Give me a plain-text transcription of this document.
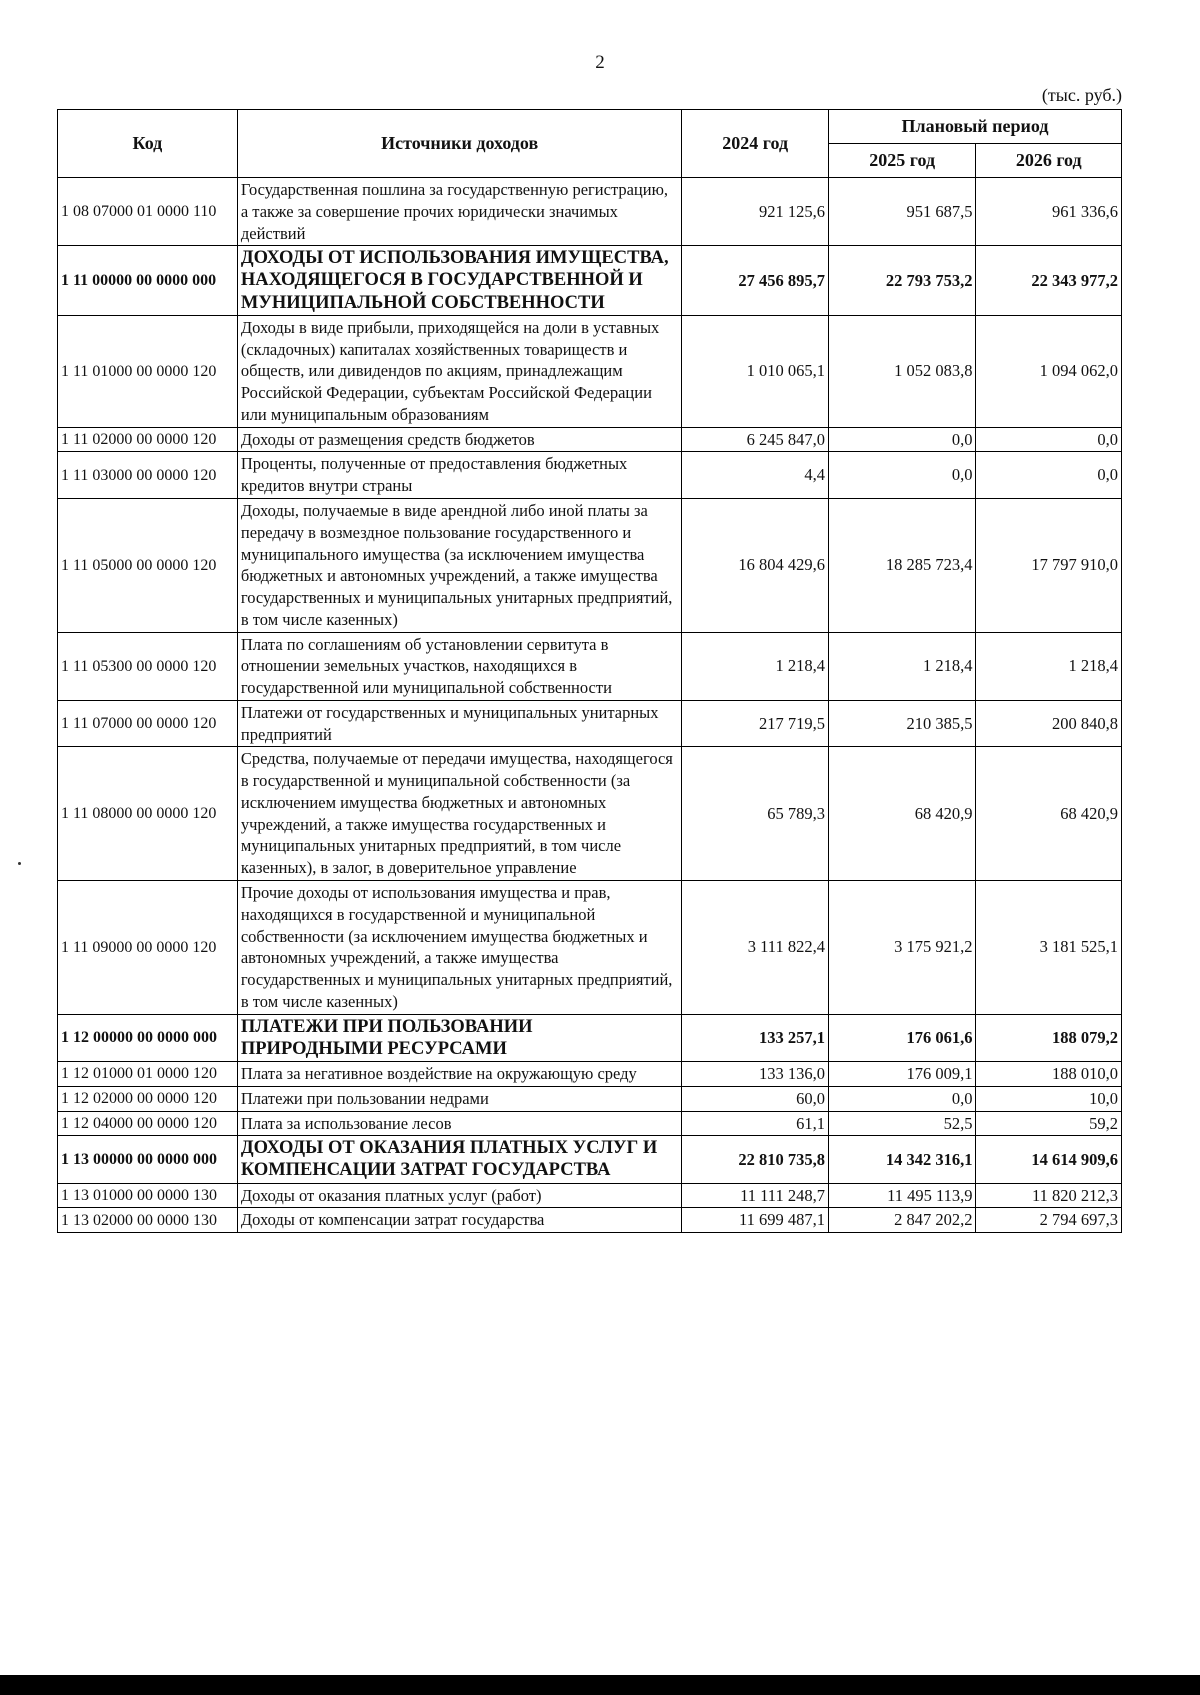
2
(тыс. руб.)
Код	Источники доходов	2024 год	Плановый период	
			2025 год	2026 год
1 08 07000 01 0000 110	Государственная пошлина за государственную регистрацию, а также за совершение прочих юридически значимых действий	921 125,6	951 687,5	961 336,6
1 11 00000 00 0000 000	ДОХОДЫ ОТ ИСПОЛЬЗОВАНИЯ ИМУЩЕСТВА, НАХОДЯЩЕГОСЯ В ГОСУДАРСТВЕННОЙ И МУНИЦИПАЛЬНОЙ СОБСТВЕННОСТИ	27 456 895,7	22 793 753,2	22 343 977,2
1 11 01000 00 0000 120	Доходы в виде прибыли, приходящейся на доли в уставных (складочных) капиталах хозяйственных товариществ и обществ, или дивидендов по акциям, принадлежащим Российской Федерации, субъектам Российской Федерации или муниципальным образованиям	1 010 065,1	1 052 083,8	1 094 062,0
1 11 02000 00 0000 120	Доходы от размещения средств бюджетов	6 245 847,0	0,0	0,0
1 11 03000 00 0000 120	Проценты, полученные от предоставления бюджетных кредитов внутри страны	4,4	0,0	0,0
1 11 05000 00 0000 120	Доходы, получаемые в виде арендной либо иной платы за передачу в возмездное пользование государственного и муниципального имущества (за исключением имущества бюджетных и автономных учреждений, а также имущества государственных и муниципальных унитарных предприятий, в том числе казенных)	16 804 429,6	18 285 723,4	17 797 910,0
1 11 05300 00 0000 120	Плата по соглашениям об установлении сервитута в отношении земельных участков, находящихся в государственной или муниципальной собственности	1 218,4	1 218,4	1 218,4
1 11 07000 00 0000 120	Платежи от государственных и муниципальных унитарных предприятий	217 719,5	210 385,5	200 840,8
1 11 08000 00 0000 120	Средства, получаемые от передачи имущества, находящегося в государственной и муниципальной собственности (за исключением имущества бюджетных и автономных учреждений, а также имущества государственных и муниципальных унитарных предприятий, в том числе казенных), в залог, в доверительное управление	65 789,3	68 420,9	68 420,9
1 11 09000 00 0000 120	Прочие доходы от использования имущества и прав, находящихся в государственной и муниципальной собственности (за исключением имущества бюджетных и автономных учреждений, а также имущества государственных и муниципальных унитарных предприятий, в том числе казенных)	3 111 822,4	3 175 921,2	3 181 525,1
1 12 00000 00 0000 000	ПЛАТЕЖИ ПРИ ПОЛЬЗОВАНИИ ПРИРОДНЫМИ РЕСУРСАМИ	133 257,1	176 061,6	188 079,2
1 12 01000 01 0000 120	Плата за негативное воздействие на окружающую среду	133 136,0	176 009,1	188 010,0
1 12 02000 00 0000 120	Платежи при пользовании недрами	60,0	0,0	10,0
1 12 04000 00 0000 120	Плата за использование лесов	61,1	52,5	59,2
1 13 00000 00 0000 000	ДОХОДЫ ОТ ОКАЗАНИЯ ПЛАТНЫХ УСЛУГ И КОМПЕНСАЦИИ ЗАТРАТ ГОСУДАРСТВА	22 810 735,8	14 342 316,1	14 614 909,6
1 13 01000 00 0000 130	Доходы от оказания платных услуг (работ)	11 111 248,7	11 495 113,9	11 820 212,3
1 13 02000 00 0000 130	Доходы от компенсации затрат государства	11 699 487,1	2 847 202,2	2 794 697,3
